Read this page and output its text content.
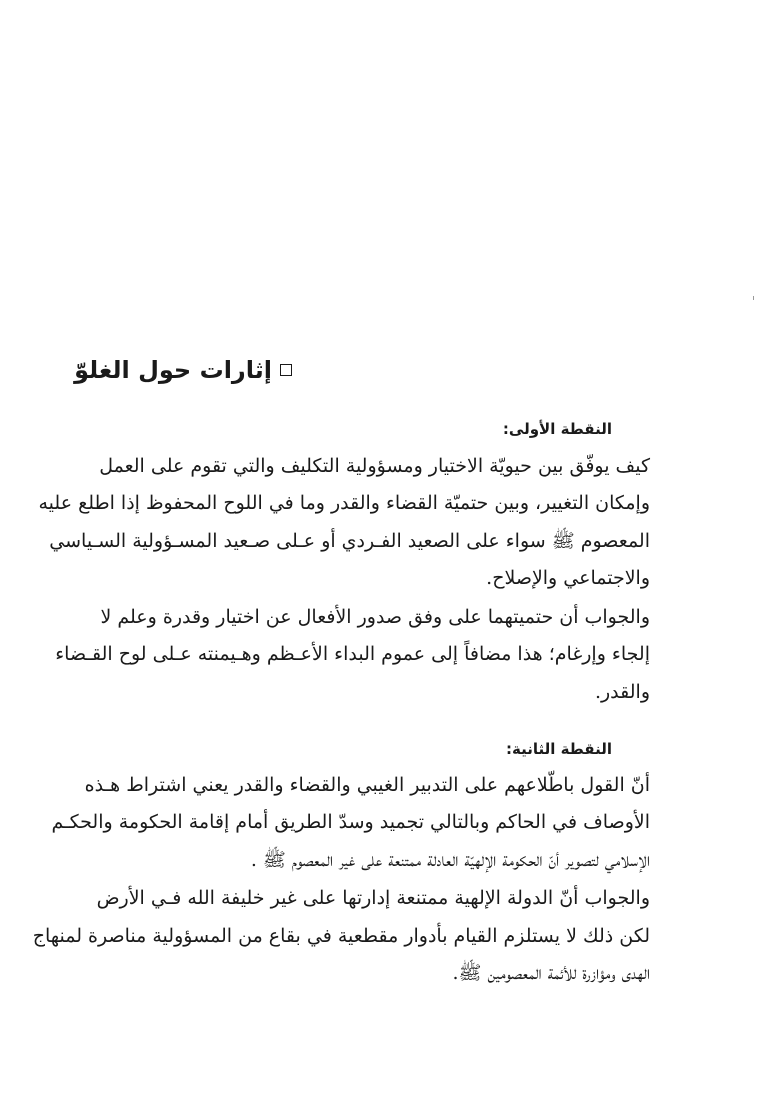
إثارات حول الغلوّ
النقطة الأولى:
كيف يوفّق بين حيويّة الاختيار ومسؤولية التكليف والتي تقوم على العمل
وإمكان التغيير، وبين حتميّة القضاء والقدر وما في اللوح المحفوظ إذا اطلع عليه
المعصوم ﷺ سواء على الصعيد الفـردي أو عـلى صـعيد المسـؤولية السـياسي
والاجتماعي والإصلاح.
والجواب أن حتميتهما على وفق صدور الأفعال عن اختيار وقدرة وعلم لا
إلجاء وإرغام؛ هذا مضافاً إلى عموم البداء الأعـظم وهـيمنته عـلى لوح القـضاء
والقدر.
النقطة الثانية:
أنّ القول باطّلاعهم على التدبير الغيبي والقضاء والقدر يعني اشتراط هـذه
الأوصاف في الحاكم وبالتالي تجميد وسدّ الطريق أمام إقامة الحكومة والحكـم
الإسلامي لتصوير أنّ الحكومة الإلهيّة العادلة ممتنعة على غير المعصوم ﷺ .
والجواب أنّ الدولة الإلهية ممتنعة إدارتها على غير خليفة الله فـي الأرض
لكن ذلك لا يستلزم القيام بأدوار مقطعية في بقاع من المسؤولية مناصرة لمنهاج
الهدى ومؤازرة للأئمة المعصومين ﷺ.
